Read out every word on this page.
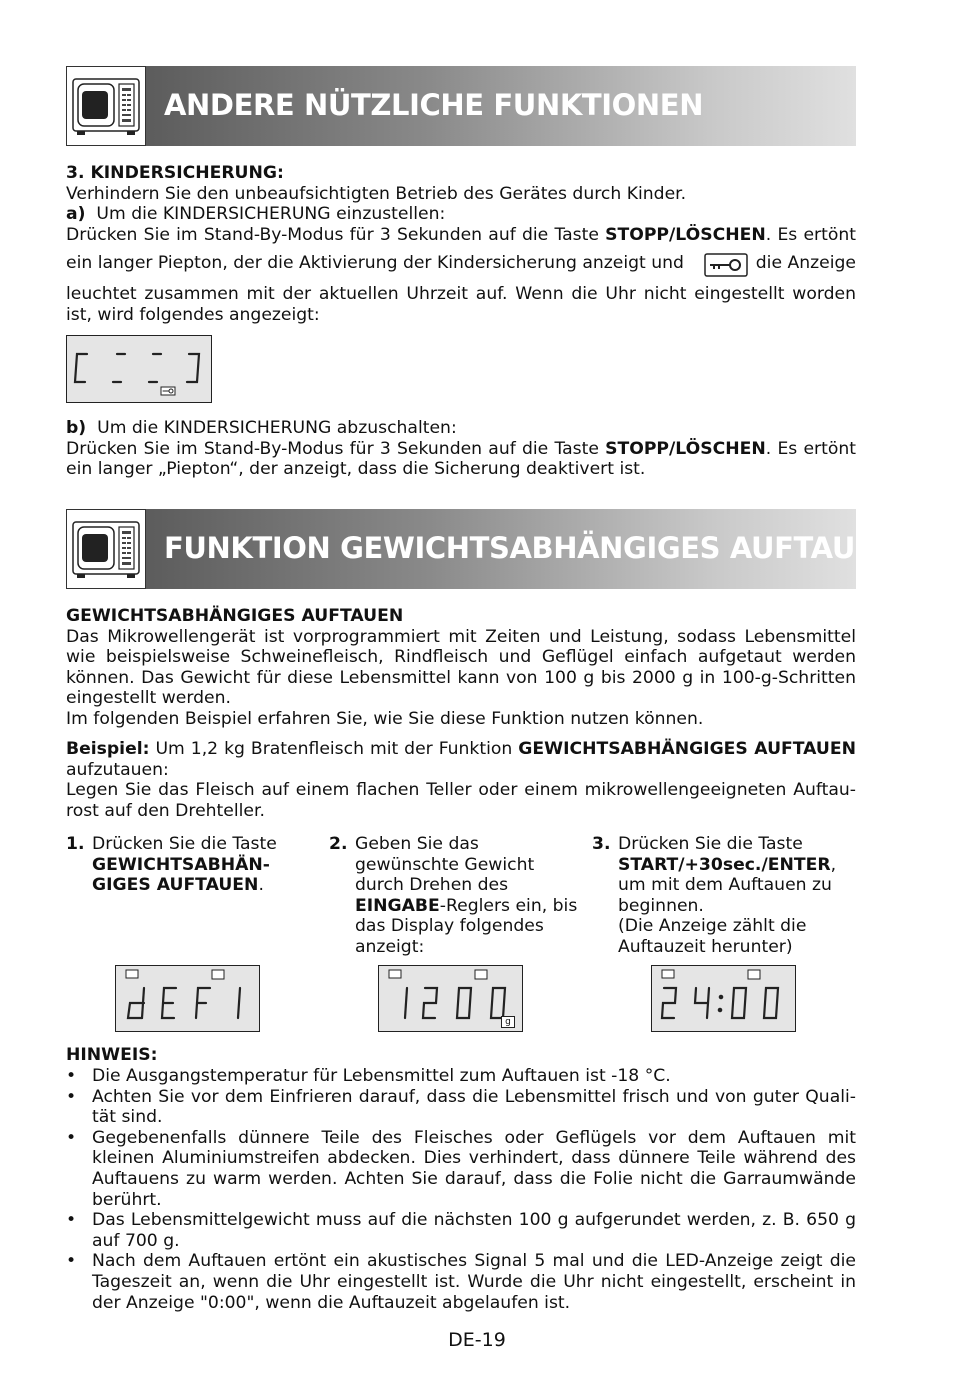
ANDERE NÜTZLICHE FUNKTIONEN
3. KINDERSICHERUNG:
Verhindern Sie den unbeaufsichtigten Betrieb des Gerätes durch Kinder.
a) Um die KINDERSICHERUNG einzustellen:
Drücken Sie im Stand-By-Modus für 3 Sekunden auf die Taste STOPP/LÖSCHEN. Es ertönt
ein langer Piepton, der die Aktivierung der Kindersicherung anzeigt und	die Anzeige
leuchtet zusammen mit der aktuellen Uhrzeit auf. Wenn die Uhr nicht eingestellt worden
ist, wird folgendes angezeigt:
b) Um die KINDERSICHERUNG abzuschalten:
Drücken Sie im Stand-By-Modus für 3 Sekunden auf die Taste STOPP/LÖSCHEN. Es ertönt
ein langer „Piepton“, der anzeigt, dass die Sicherung deaktivert ist.
FUNKTION GEWICHTSABHÄNGIGES AUFTAUEN
GEWICHTSABHÄNGIGES AUFTAUEN
Das Mikrowellengerät ist vorprogrammiert mit Zeiten und Leistung, sodass Lebensmittel
wie beispielsweise Schweinefleisch, Rindfleisch und Geflügel einfach aufgetaut werden
können. Das Gewicht für diese Lebensmittel kann von 100 g bis 2000 g in 100-g-Schritten
eingestellt werden.
Im folgenden Beispiel erfahren Sie, wie Sie diese Funktion nutzen können.
Beispiel: Um 1,2 kg Bratenfleisch mit der Funktion GEWICHTSABHÄNGIGES AUFTAUEN
aufzutauen:
Legen Sie das Fleisch auf einem flachen Teller oder einem mikrowellengeeigneten Auftau-
rost auf den Drehteller.
1. Drücken Sie die Taste
GEWICHTSABHÄN-
GIGES AUFTAUEN.
2. Geben Sie das
gewünschte Gewicht
durch Drehen des
EINGABE-Reglers ein, bis
das Display folgendes
anzeigt:
3. Drücken Sie die Taste
START/+30sec./ENTER,
um mit dem Auftauen zu
beginnen.
(Die Anzeige zählt die
Auftauzeit herunter)
g
HINWEIS:
• Die Ausgangstemperatur für Lebensmittel zum Auftauen ist -18 °C.
• Achten Sie vor dem Einfrieren darauf, dass die Lebensmittel frisch und von guter Quali-tät sind.
• Gegebenenfalls dünnere Teile des Fleisches oder Geflügels vor dem Auftauen mit kleinen Aluminiumstreifen abdecken. Dies verhindert, dass dünnere Teile während des Auftauens zu warm werden. Achten Sie darauf, dass die Folie nicht die Garraumwände berührt.
• Das Lebensmittelgewicht muss auf die nächsten 100 g aufgerundet werden, z. B. 650 g auf 700 g.
• Nach dem Auftauen ertönt ein akustisches Signal 5 mal und die LED-Anzeige zeigt die Tageszeit an, wenn die Uhr eingestellt ist. Wurde die Uhr nicht eingestellt, erscheint in der Anzeige "0:00", wenn die Auftauzeit abgelaufen ist.
DE-19
